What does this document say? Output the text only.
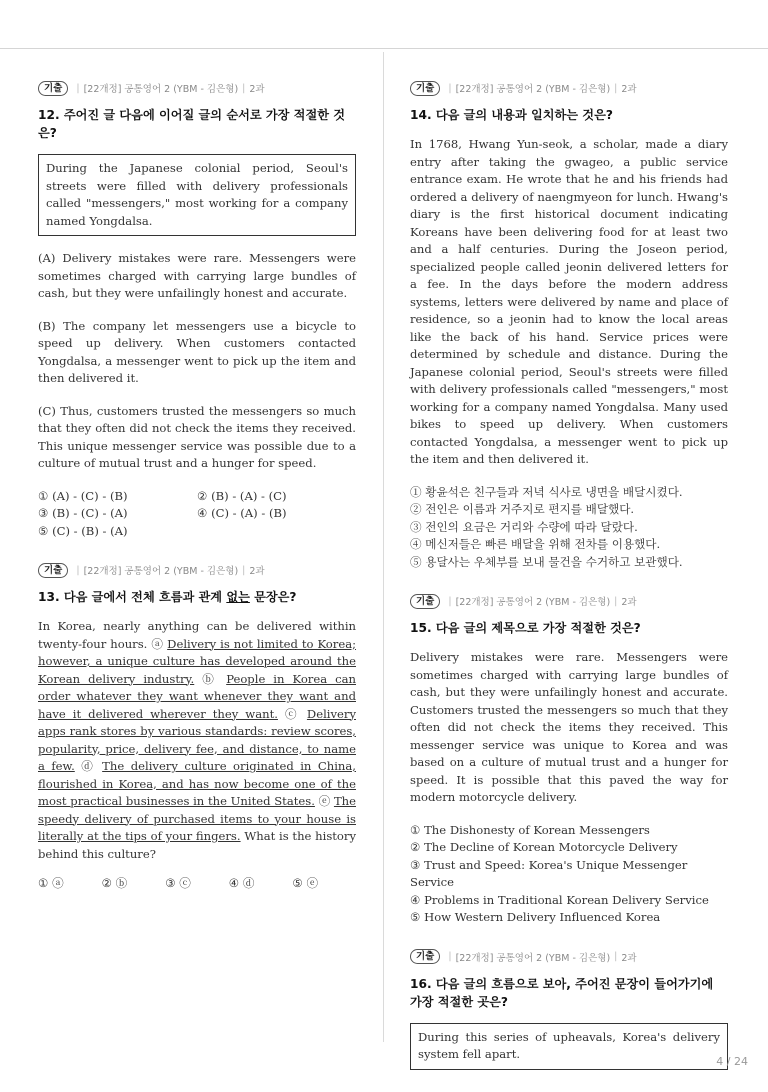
기출	| [22개정] 공통영어 2 (YBM - 김은형) | 2과
12. 주어진 글 다음에 이어질 글의 순서로 가장 적절한 것은?
During the Japanese colonial period, Seoul's streets were filled with delivery professionals called "messengers," most working for a company named Yongdalsa.

(A) Delivery mistakes were rare. Messengers were sometimes charged with carrying large bundles of cash, but they were unfailingly honest and accurate.

(B) The company let messengers use a bicycle to speed up delivery. When customers contacted Yongdalsa, a messenger went to pick up the item and then delivered it.

(C) Thus, customers trusted the messengers so much that they often did not check the items they received. This unique messenger service was possible due to a culture of mutual trust and a hunger for speed.

① (A) - (C) - (B)	② (B) - (A) - (C)
③ (B) - (C) - (A)	④ (C) - (A) - (B)
⑤ (C) - (B) - (A)
기출	| [22개정] 공통영어 2 (YBM - 김은형) | 2과
13. 다음 글에서 전체 흐름과 관계 없는 문장은?

In Korea, nearly anything can be delivered within twenty-four hours. ⓐ Delivery is not limited to Korea; however, a unique culture has developed around the Korean delivery industry. ⓑ People in Korea can order whatever they want whenever they want and have it delivered wherever they want. ⓒ Delivery apps rank stores by various standards: review scores, popularity, price, delivery fee, and distance, to name a few. ⓓ The delivery culture originated in China, flourished in Korea, and has now become one of the most practical businesses in the United States. ⓔ The speedy delivery of purchased items to your house is literally at the tips of your fingers. What is the history behind this culture?

① ⓐ	② ⓑ	③ ⓒ	④ ⓓ	⑤ ⓔ
기출	| [22개정] 공통영어 2 (YBM - 김은형) | 2과
14. 다음 글의 내용과 일치하는 것은?

In 1768, Hwang Yun-seok, a scholar, made a diary entry after taking the gwageo, a public service entrance exam. He wrote that he and his friends had ordered a delivery of naengmyeon for lunch. Hwang's diary is the first historical document indicating Koreans have been delivering food for at least two and a half centuries. During the Joseon period, specialized people called jeonin delivered letters for a fee. In the days before the modern address systems, letters were delivered by name and place of residence, so a jeonin had to know the local areas like the back of his hand. Service prices were determined by schedule and distance. During the Japanese colonial period, Seoul's streets were filled with delivery professionals called "messengers," most working for a company named Yongdalsa. Many used bikes to speed up delivery. When customers contacted Yongdalsa, a messenger went to pick up the item and then delivered it.

① 황윤석은 친구들과 저녁 식사로 냉면을 배달시켰다.
② 전인은 이름과 거주지로 편지를 배달했다.
③ 전인의 요금은 거리와 수량에 따라 달랐다.
④ 메신저들은 빠른 배달을 위해 전차를 이용했다.
⑤ 용달사는 우체부를 보내 물건을 수거하고 보관했다.
기출	| [22개정] 공통영어 2 (YBM - 김은형) | 2과
15. 다음 글의 제목으로 가장 적절한 것은?

Delivery mistakes were rare. Messengers were sometimes charged with carrying large bundles of cash, but they were unfailingly honest and accurate. Customers trusted the messengers so much that they often did not check the items they received. This messenger service was unique to Korea and was based on a culture of mutual trust and a hunger for speed. It is possible that this paved the way for modern motorcycle delivery.

① The Dishonesty of Korean Messengers
② The Decline of Korean Motorcycle Delivery
③ Trust and Speed: Korea's Unique Messenger Service
④ Problems in Traditional Korean Delivery Service
⑤ How Western Delivery Influenced Korea
기출	| [22개정] 공통영어 2 (YBM - 김은형) | 2과
16. 다음 글의 흐름으로 보아, 주어진 문장이 들어가기에 가장 적절한 곳은?
During this series of upheavals, Korea's delivery system fell apart.
4 / 24
